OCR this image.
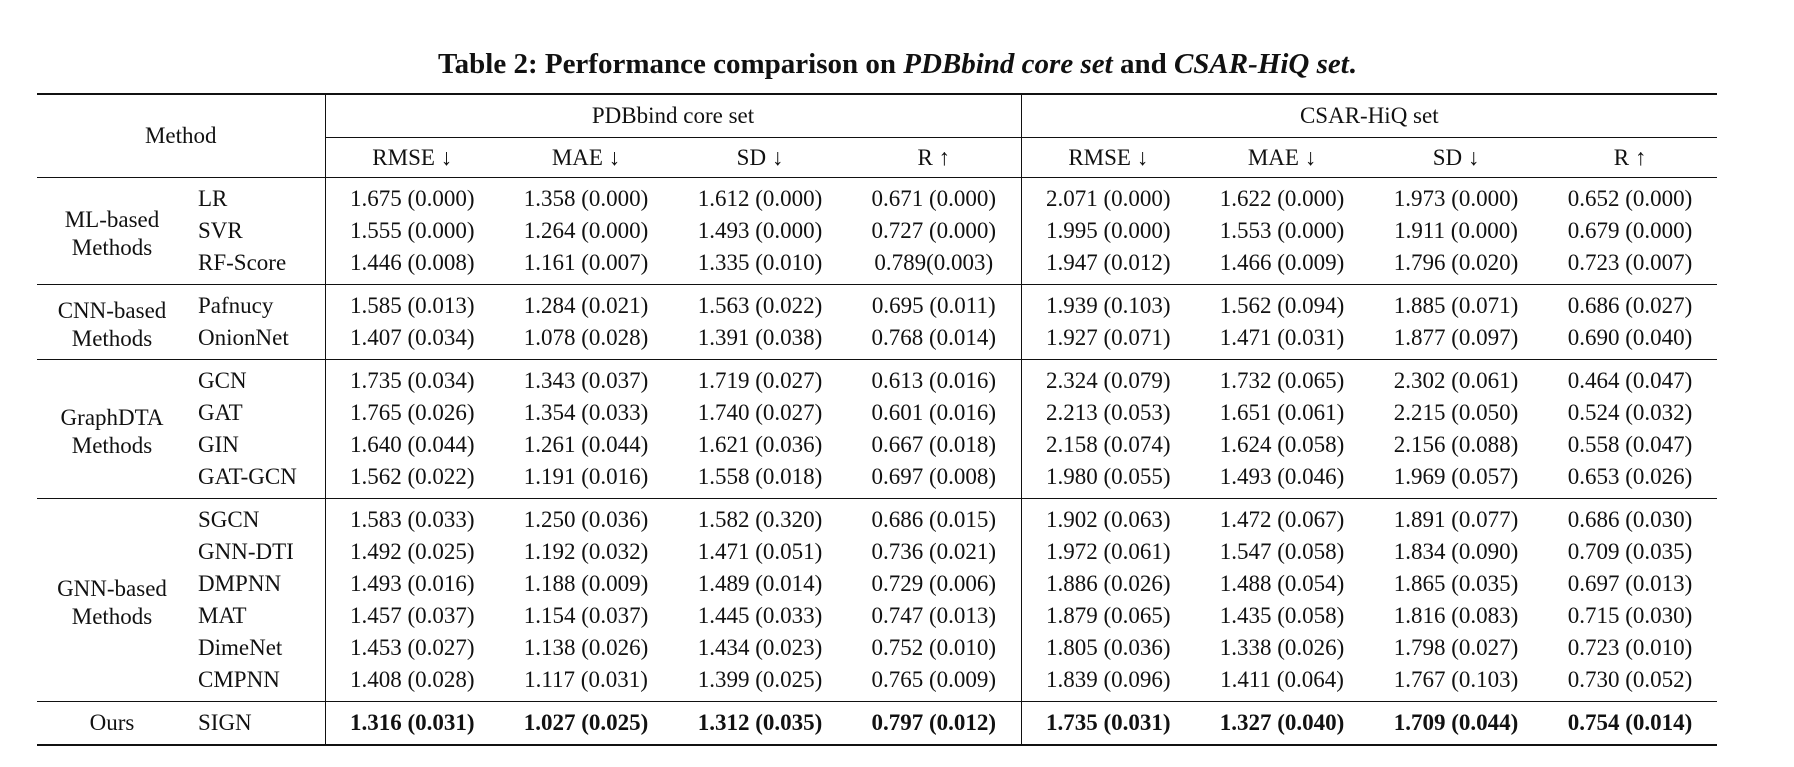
Table 2: Performance comparison on PDBbind core set and CSAR-HiQ set.
Method		PDBbind core set				CSAR-HiQ set			
		RMSE ↓	MAE ↓	SD ↓	R ↑	RMSE ↓	MAE ↓	SD ↓	R ↑

ML-based
Methods	LR	1.675 (0.000)	1.358 (0.000)	1.612 (0.000)	0.671 (0.000)	2.071 (0.000)	1.622 (0.000)	1.973 (0.000)	0.652 (0.000)
	SVR	1.555 (0.000)	1.264 (0.000)	1.493 (0.000)	0.727 (0.000)	1.995 (0.000)	1.553 (0.000)	1.911 (0.000)	0.679 (0.000)
	RF-Score	1.446 (0.008)	1.161 (0.007)	1.335 (0.010)	0.789(0.003)	1.947 (0.012)	1.466 (0.009)	1.796 (0.020)	0.723 (0.007)

CNN-based
Methods	Pafnucy	1.585 (0.013)	1.284 (0.021)	1.563 (0.022)	0.695 (0.011)	1.939 (0.103)	1.562 (0.094)	1.885 (0.071)	0.686 (0.027)
	OnionNet	1.407 (0.034)	1.078 (0.028)	1.391 (0.038)	0.768 (0.014)	1.927 (0.071)	1.471 (0.031)	1.877 (0.097)	0.690 (0.040)

GraphDTA
Methods	GCN	1.735 (0.034)	1.343 (0.037)	1.719 (0.027)	0.613 (0.016)	2.324 (0.079)	1.732 (0.065)	2.302 (0.061)	0.464 (0.047)
	GAT	1.765 (0.026)	1.354 (0.033)	1.740 (0.027)	0.601 (0.016)	2.213 (0.053)	1.651 (0.061)	2.215 (0.050)	0.524 (0.032)
	GIN	1.640 (0.044)	1.261 (0.044)	1.621 (0.036)	0.667 (0.018)	2.158 (0.074)	1.624 (0.058)	2.156 (0.088)	0.558 (0.047)
	GAT-GCN	1.562 (0.022)	1.191 (0.016)	1.558 (0.018)	0.697 (0.008)	1.980 (0.055)	1.493 (0.046)	1.969 (0.057)	0.653 (0.026)

GNN-based
Methods	SGCN	1.583 (0.033)	1.250 (0.036)	1.582 (0.320)	0.686 (0.015)	1.902 (0.063)	1.472 (0.067)	1.891 (0.077)	0.686 (0.030)
	GNN-DTI	1.492 (0.025)	1.192 (0.032)	1.471 (0.051)	0.736 (0.021)	1.972 (0.061)	1.547 (0.058)	1.834 (0.090)	0.709 (0.035)
	DMPNN	1.493 (0.016)	1.188 (0.009)	1.489 (0.014)	0.729 (0.006)	1.886 (0.026)	1.488 (0.054)	1.865 (0.035)	0.697 (0.013)
	MAT	1.457 (0.037)	1.154 (0.037)	1.445 (0.033)	0.747 (0.013)	1.879 (0.065)	1.435 (0.058)	1.816 (0.083)	0.715 (0.030)
	DimeNet	1.453 (0.027)	1.138 (0.026)	1.434 (0.023)	0.752 (0.010)	1.805 (0.036)	1.338 (0.026)	1.798 (0.027)	0.723 (0.010)
	CMPNN	1.408 (0.028)	1.117 (0.031)	1.399 (0.025)	0.765 (0.009)	1.839 (0.096)	1.411 (0.064)	1.767 (0.103)	0.730 (0.052)
Ours	SIGN	1.316 (0.031)	1.027 (0.025)	1.312 (0.035)	0.797 (0.012)	1.735 (0.031)	1.327 (0.040)	1.709 (0.044)	0.754 (0.014)
